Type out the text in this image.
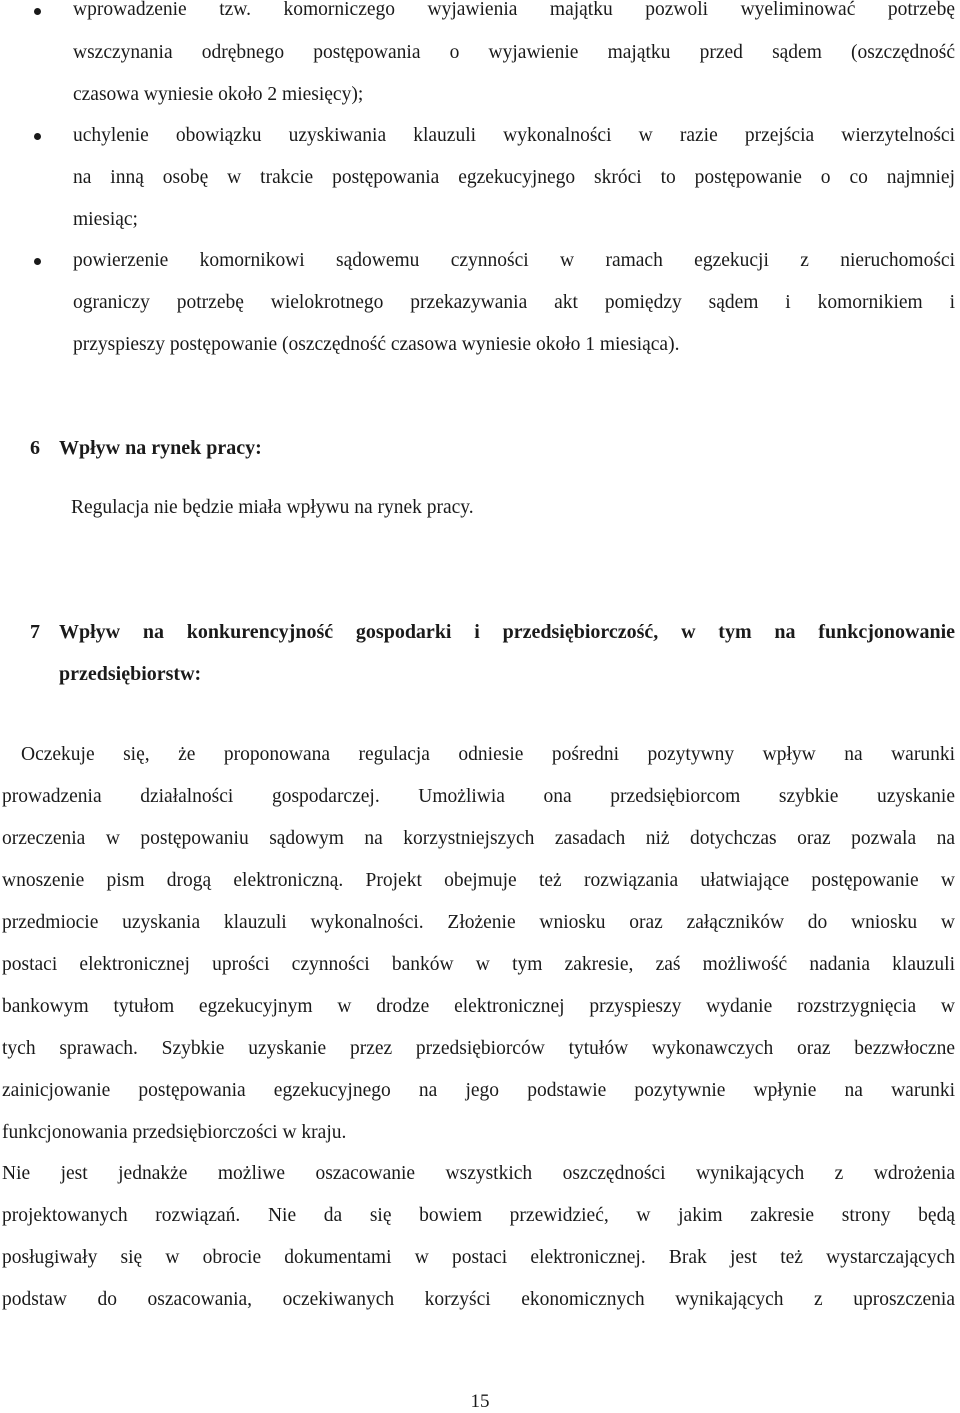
wprowadzenie tzw. komorniczego wyjawienia majątku pozwoli wyeliminować potrzebę
wszczynania odrębnego postępowania o wyjawienie majątku przed sądem (oszczędność
czasowa wyniesie około 2 miesięcy);
uchylenie obowiązku uzyskiwania klauzuli wykonalności w razie przejścia wierzytelności
na inną osobę w trakcie postępowania egzekucyjnego skróci to postępowanie o co najmniej
miesiąc;
powierzenie komornikowi sądowemu czynności w ramach egzekucji z nieruchomości
ograniczy potrzebę wielokrotnego przekazywania akt pomiędzy sądem i komornikiem i
przyspieszy postępowanie (oszczędność czasowa wyniesie około 1 miesiąca).
6 Wpływ na rynek pracy:
Regulacja nie będzie miała wpływu na rynek pracy.
7 Wpływ na konkurencyjność gospodarki i przedsiębiorczość, w tym na funkcjonowanie
przedsiębiorstw:
Oczekuje się, że proponowana regulacja odniesie pośredni pozytywny wpływ na warunki
prowadzenia działalności gospodarczej. Umożliwia ona przedsiębiorcom szybkie uzyskanie
orzeczenia w postępowaniu sądowym na korzystniejszych zasadach niż dotychczas oraz pozwala na
wnoszenie pism drogą elektroniczną. Projekt obejmuje też rozwiązania ułatwiające postępowanie w
przedmiocie uzyskania klauzuli wykonalności. Złożenie wniosku oraz załączników do wniosku w
postaci elektronicznej uprości czynności banków w tym zakresie, zaś możliwość nadania klauzuli
bankowym tytułom egzekucyjnym w drodze elektronicznej przyspieszy wydanie rozstrzygnięcia w
tych sprawach. Szybkie uzyskanie przez przedsiębiorców tytułów wykonawczych oraz bezzwłoczne
zainicjowanie postępowania egzekucyjnego na jego podstawie pozytywnie wpłynie na warunki
funkcjonowania przedsiębiorczości w kraju.
Nie jest jednakże możliwe oszacowanie wszystkich oszczędności wynikających z wdrożenia
projektowanych rozwiązań. Nie da się bowiem przewidzieć, w jakim zakresie strony będą
posługiwały się w obrocie dokumentami w postaci elektronicznej. Brak jest też wystarczających
podstaw do oszacowania, oczekiwanych korzyści ekonomicznych wynikających z uproszczenia
15
